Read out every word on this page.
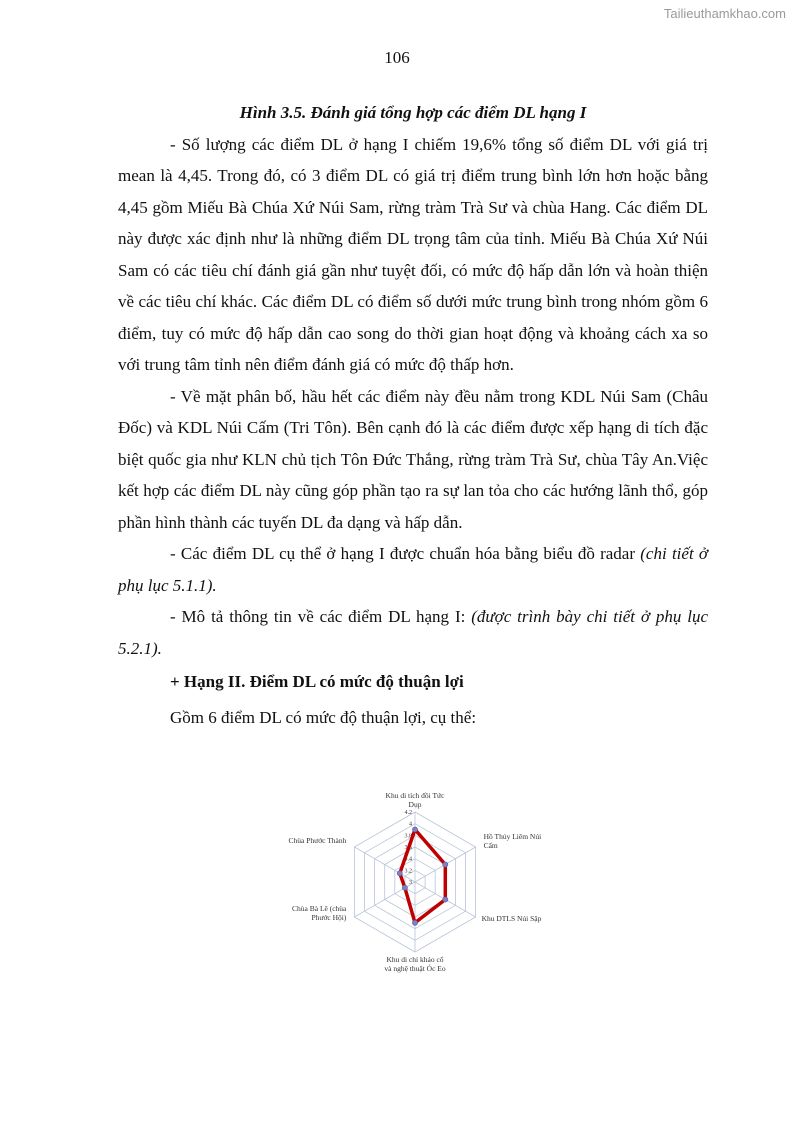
Tailieuthamkhao.com
106

Hình 3.5. Đánh giá tổng hợp các điểm DL hạng I

- Số lượng các điểm DL ở hạng I chiếm 19,6% tổng số điểm DL với giá trị mean là 4,45. Trong đó, có 3 điểm DL có giá trị điểm trung bình lớn hơn hoặc bằng 4,45 gồm Miếu Bà Chúa Xứ Núi Sam, rừng tràm Trà Sư và chùa Hang. Các điểm DL này được xác định như là những điểm DL trọng tâm của tỉnh. Miếu Bà Chúa Xứ Núi Sam có các tiêu chí đánh giá gần như tuyệt đối, có mức độ hấp dẫn lớn và hoàn thiện về các tiêu chí khác. Các điểm DL có điểm số dưới mức trung bình trong nhóm gồm 6 điểm, tuy có mức độ hấp dẫn cao song do thời gian hoạt động và khoảng cách xa so với trung tâm tỉnh nên điểm đánh giá có mức độ thấp hơn.

- Về mặt phân bố, hầu hết các điểm này đều nằm trong KDL Núi Sam (Châu Đốc) và KDL Núi Cấm (Tri Tôn). Bên cạnh đó là các điểm được xếp hạng di tích đặc biệt quốc gia như KLN chủ tịch Tôn Đức Thắng, rừng tràm Trà Sư, chùa Tây An.Việc kết hợp các điểm DL này cũng góp phần tạo ra sự lan tỏa cho các hướng lãnh thổ, góp phần hình thành các tuyến DL đa dạng và hấp dẫn.

- Các điểm DL cụ thể ở hạng I được chuẩn hóa bằng biểu đồ radar (chi tiết ở phụ lục 5.1.1).

- Mô tả thông tin về các điểm DL hạng I: (được trình bày chi tiết ở phụ lục 5.2.1).

+ Hạng II. Điểm DL có mức độ thuận lợi

Gồm 6 điểm DL có mức độ thuận lợi, cụ thể:

4.2
4
3.8
3.6
3.4
3.2
3
Khu di tích đồi Tức Dụp
Hồ Thủy Liêm Núi Cấm
Khu DTLS Núi Sập
Khu di chỉ khảo cổ và nghệ thuật Óc Eo
Chùa Bà Lê (chùa Phước Hội)
Chùa Phước Thành
